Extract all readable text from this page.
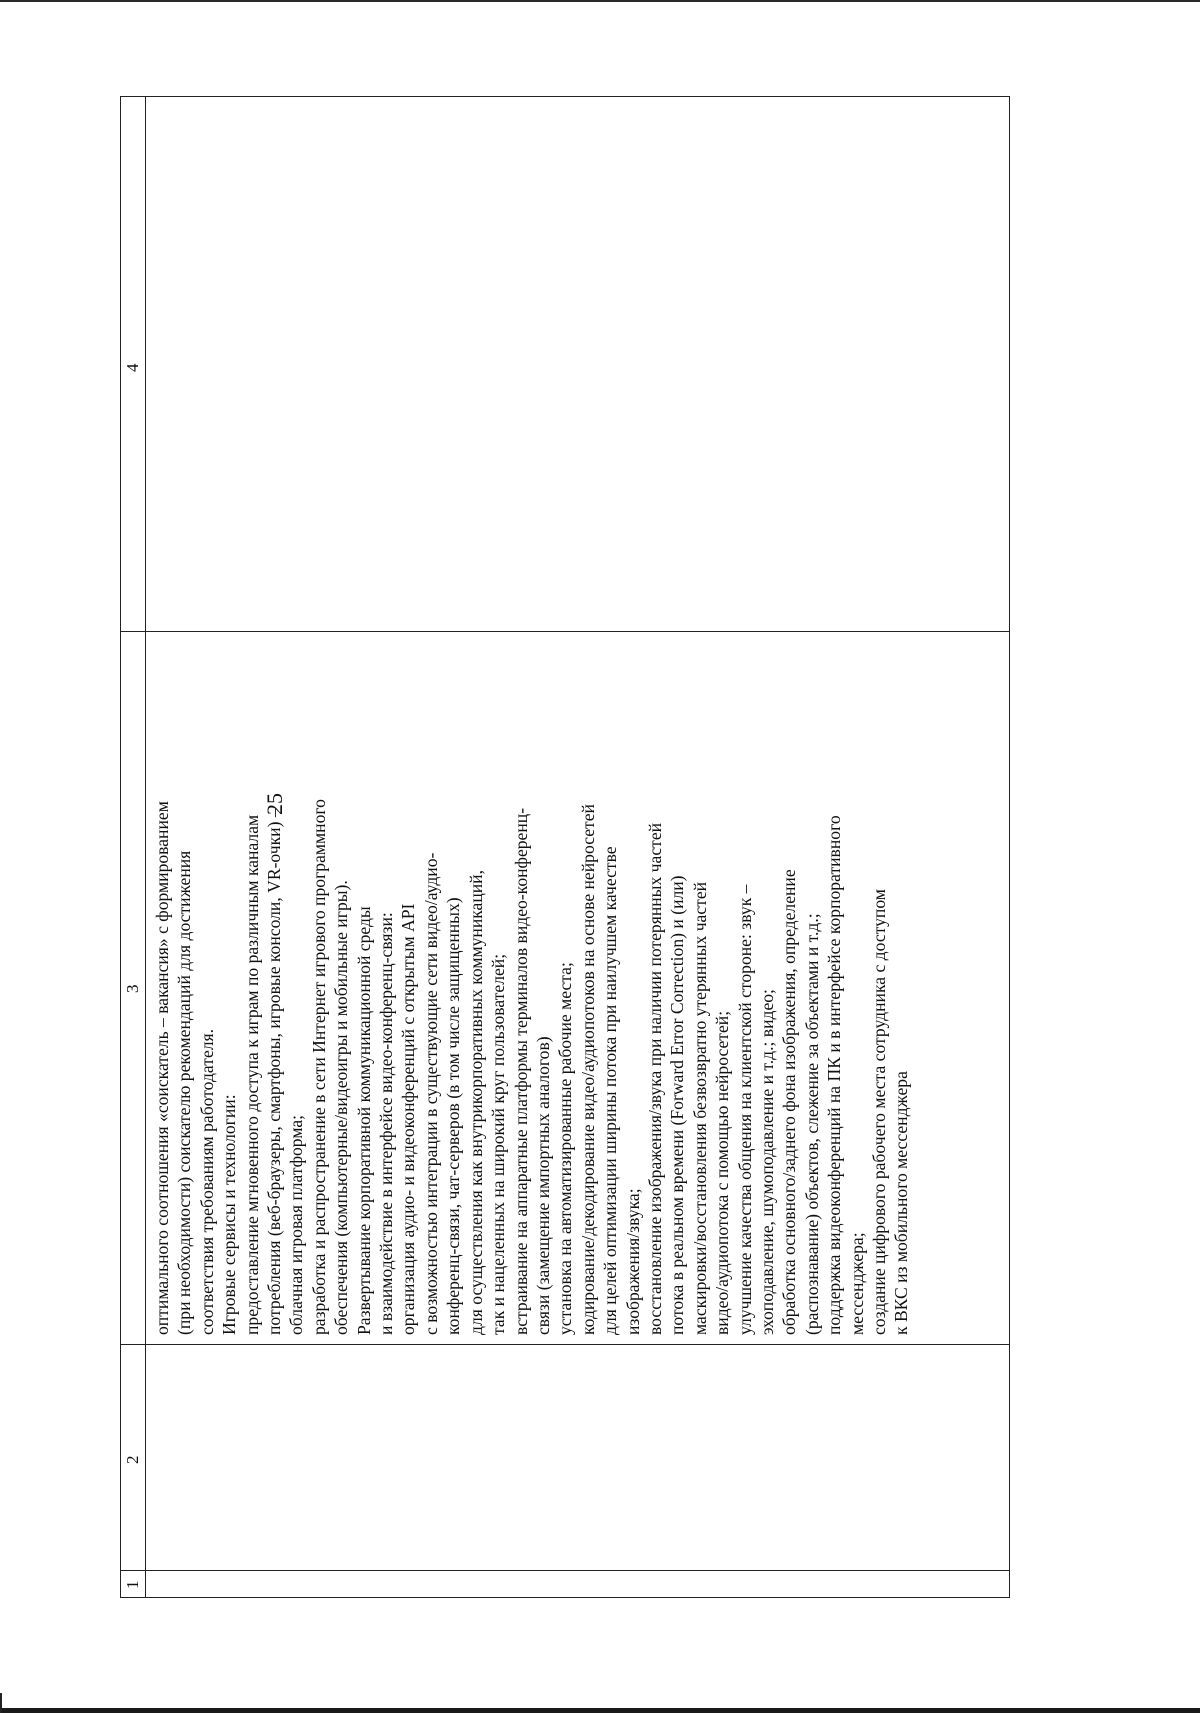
25
1
2
3
4
оптимального соотношения «соискатель – вакансия» с формированием (при необходимости) соискателю рекомендаций для достижения соответствия требованиям работодателя. Игровые сервисы и технологии: предоставление мгновенного доступа к играм по различным каналам потребления (веб-браузеры, смартфоны, игровые консоли, VR-очки) – облачная игровая платформа; разработка и распространение в сети Интернет игрового программного обеспечения (компьютерные/видеоигры и мобильные игры). Развертывание корпоративной коммуникационной среды и взаимодействие в интерфейсе видео-конференц-связи: организация аудио- и видеоконференций с открытым API с возможностью интеграции в существующие сети видео/аудио- конференц-связи, чат-серверов (в том числе защищенных) для осуществления как внутрикорпоративных коммуникаций, так и нацеленных на широкий круг пользователей; встраивание на аппаратные платформы терминалов видео-конференц- связи (замещение импортных аналогов) установка на автоматизированные рабочие места; кодирование/декодирование видео/аудиопотоков на основе нейросетей для целей оптимизации ширины потока при наилучшем качестве изображения/звука; восстановление изображения/звука при наличии потерянных частей потока в реальном времени (Forward Error Correction) и (или) маскировки/восстановления безвозвратно утерянных частей видео/аудиопотока с помощью нейросетей; улучшение качества общения на клиентской стороне: звук – эхоподавление, шумоподавление и т.д.; видео; обработка основного/заднего фона изображения, определение (распознавание) объектов, слежение за объектами и т.д.; поддержка видеоконференций на ПК и в интерфейсе корпоративного мессенджера; создание цифрового рабочего места сотрудника с доступом к ВКС из мобильного мессенджера
